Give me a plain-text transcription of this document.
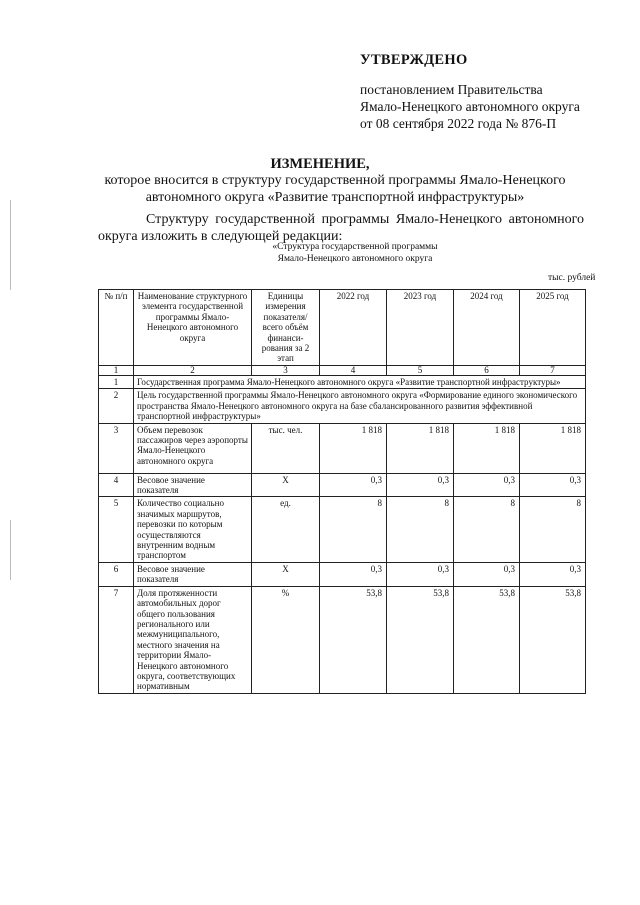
УТВЕРЖДЕНО
постановлением Правительства
Ямало-Ненецкого автономного округа
от 08 сентября 2022 года № 876-П
ИЗМЕНЕНИЕ,
которое вносится в структуру государственной программы Ямало-Ненецкого
автономного округа «Развитие транспортной инфраструктуры»
Структуру государственной программы Ямало-Ненецкого автономного
округа изложить в следующей редакции:
«Структура государственной программы
Ямало-Ненецкого автономного округа
тыс. рублей
№ п/п	Наименование структурного элемента государственной программы Ямало-Ненецкого автономного округа	Единицы измерения показателя/ всего объём финанси-рования за 2 этап	2022 год	2023 год	2024 год	2025 год
1	2	3	4	5	6	7
1	Государственная программа Ямало-Ненецкого автономного округа «Развитие транспортной инфраструктуры»					
2	Цель государственной программы Ямало-Ненецкого автономного округа «Формирование единого экономического пространства Ямало-Ненецкого автономного округа на базе сбалансированного развития эффективной транспортной инфраструктуры»					
3	Объем перевозок пассажиров через аэропорты Ямало-Ненецкого автономного округа	тыс. чел.	1 818	1 818	1 818	1 818
4	Весовое значение показателя	X	0,3	0,3	0,3	0,3
5	Количество социально значимых маршрутов, перевозки по которым осуществляются внутренним водным транспортом	ед.	8	8	8	8
6	Весовое значение показателя	X	0,3	0,3	0,3	0,3
7	Доля протяженности автомобильных дорог общего пользования регионального или межмуниципального, местного значения на территории Ямало-Ненецкого автономного округа, соответствующих нормативным	%	53,8	53,8	53,8	53,8
